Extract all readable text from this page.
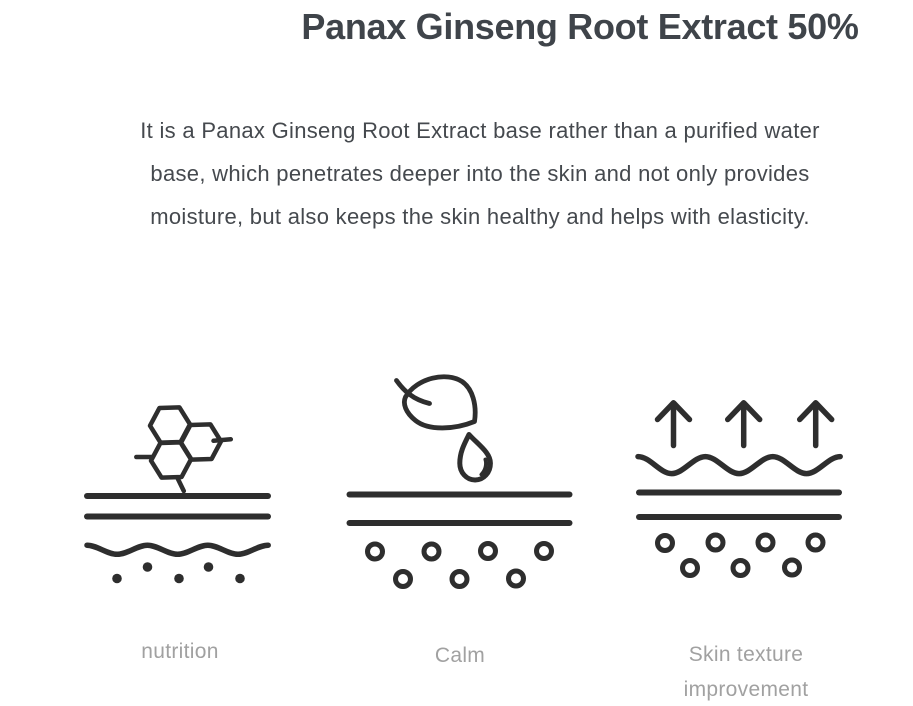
Panax Ginseng Root Extract 50%
It is a Panax Ginseng Root Extract base rather than a purified water
base, which penetrates deeper into the skin and not only provides
moisture, but also keeps the skin healthy and helps with elasticity.
nutrition	Calm	Skin texture
improvement
